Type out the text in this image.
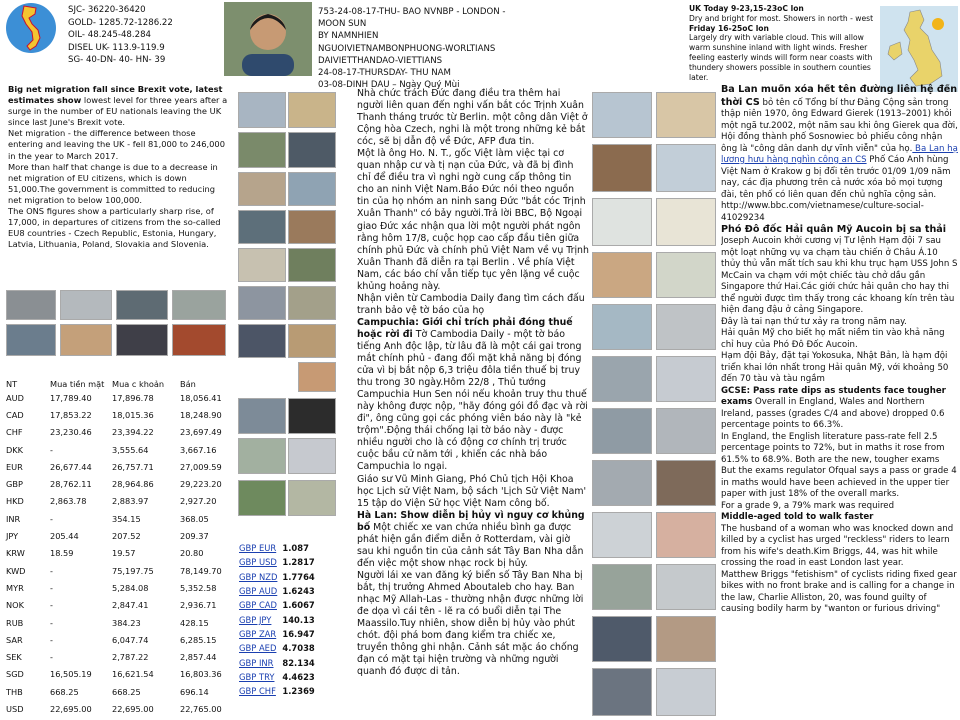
SJC- 36220-36420
GOLD- 1285.72-1286.22
OIL- 48.245-48.284
DISEL UK- 113.9-119.9
SG- 40-DN- 40- HN- 39
753-24-08-17-THU- BAO NVNBP - LONDON - MOON SUN
BY NAMNHIEN
NGUOIVIETNAMBONPHUONG-WORLTIANS
DAIVIETTHANDAO-VIETTIANS
24-08-17-THURSDAY- THU NAM
03-08-DINH DAU – Ngày Quý Mùi
UK Today 9-23,15-23oC lon
Dry and bright for most. Showers in north - west
Friday 16-25oC lon
Largely dry with variable cloud. This will allow warm sunshine inland with light winds. Fresher feeling easterly winds will form near coasts with thundery showers possible in southern counties later.
Big net migration fall since Brexit vote, latest estimates show lowest level for three years after a surge in the number of EU nationals leaving the UK since last June's Brexit vote.
Net migration - the difference between those entering and leaving the UK - fell 81,000 to 246,000 in the year to March 2017.
More than half that change is due to a decrease in net migration of EU citizens, which is down 51,000.The government is committed to reducing net migration to below 100,000.
The ONS figures show a particularly sharp rise, of 17,000, in departures of citizens from the so-called EU8 countries - Czech Republic, Estonia, Hungary, Latvia, Lithuania, Poland, Slovakia and Slovenia.
NT	Mua tiền mặt	Mua c khoản	Bán
AUD	17,789.40	17,896.78	18,056.41
CAD	17,853.22	18,015.36	18,248.90
CHF	23,230.46	23,394.22	23,697.49
DKK	-	3,555.64	3,667.16
EUR	26,677.44	26,757.71	27,009.59
GBP	28,762.11	28,964.86	29,223.20
HKD	2,863.78	2,883.97	2,927.20
INR	-	354.15	368.05
JPY	205.44	207.52	209.37
KRW	18.59	19.57	20.80
KWD	-	75,197.75	78,149.70
MYR	-	5,284.08	5,352.58
NOK	-	2,847.41	2,936.71
RUB	-	384.23	428.15
SAR	-	6,047.74	6,285.15
SEK	-	2,787.22	2,857.44
SGD	16,505.19	16,621.54	16,803.36
THB	668.25	668.25	696.14
USD	22,695.00	22,695.00	22,765.00
GBP EUR	1.087
GBP USD	1.2817
GBP NZD	1.7764
GBP AUD	1.6243
GBP CAD	1.6067
GBP JPY	140.13
GBP ZAR	16.947
GBP AED	4.7038
GBP INR	82.134
GBP TRY	4.4623
GBP CHF	1.2369

Nhà chức trách Đức đang điều tra thêm hai người liên quan đến nghi vấn bắt cóc Trịnh Xuân Thanh tháng trước từ Berlin. một công dân Việt ở Cộng hòa Czech, nghi là một trong những kẻ bắt cóc, sẽ bị dẫn độ về Đức, AFP đưa tin.

Một là ông Ho. N. T., gốc Việt làm việc tại cơ quan nhập cư và tị nạn của Đức, và đã bị đình chỉ để điều tra vì nghi ngờ cung cấp thông tin cho an ninh Việt Nam.Báo Đức nói theo nguồn tin của họ nhóm an ninh sang Đức "bắt cóc Trịnh Xuân Thanh" có bảy người.Trả lời BBC, Bộ Ngoại giao Đức xác nhận qua lời một người phát ngôn rằng hôm 17/8, cuộc họp cao cấp đầu tiên giữa chính phủ Đức và chính phủ Việt Nam về vụ Trịnh Xuân Thanh đã diễn ra tại Berlin . Về phía Việt Nam, các báo chí vẫn tiếp tục yên lặng về cuộc khủng hoảng này.

Nhận viên từ Cambodia Daily đang tìm cách đấu tranh bảo vệ tờ báo của họ

Campuchia: Giới chỉ trích phải đóng thuế hoặc rời đi Tờ Cambodia Daily - một tờ báo tiếng Anh độc lập, từ lâu đã là một cái gai trong mắt chính phủ - đang đối mặt khả năng bị đóng cửa vì bị bắt nộp 6,3 triệu đôla tiền thuế bị truy thu trong 30 ngày.Hôm 22/8 , Thủ tướng Campuchia Hun Sen nói nếu khoản truy thu thuế này không được nộp, "hãy đóng gói đồ đạc và rời đi", ông cũng gọi các phóng viên báo này là "kẻ trộm".Động thái chống lại tờ báo này - được nhiều người cho là có động cơ chính trị trước cuộc bầu cử năm tới , khiến các nhà báo Campuchia lo ngại.

Giáo sư Vũ Minh Giang, Phó Chủ tịch Hội Khoa học Lịch sử Việt Nam, bộ sách 'Lịch Sử Việt Nam' 15 tập do Viện Sử học Việt Nam công bố.

Hà Lan: Show diễn bị hủy vì nguy cơ khủng bố Một chiếc xe van chứa nhiều bình ga được phát hiện gần điểm diễn ở Rotterdam, vài giờ sau khi nguồn tin của cảnh sát Tây Ban Nha dẫn đến việc một show nhạc rock bị hủy.

Người lái xe van đăng ký biển số Tây Ban Nha bị bắt, thị trưởng Ahmed Aboutaleb cho hay. Ban nhạc Mỹ Allah-Las - thường nhận được những lời đe dọa vì cái tên - lẽ ra có buổi diễn tại The Maassilo.Tuy nhiên, show diễn bị hủy vào phút chót. đội phá bom đang kiểm tra chiếc xe, truyền thông ghi nhận. Cảnh sát mặc áo chống đạn có mặt tại hiện trường và những người quanh đó được di tản.

Ba Lan muốn xóa hết tên đường liên hệ đến thời CS bỏ tên cố Tổng bí thư Đảng Cộng sản trong thập niên 1970, ông Edward Gierek (1913–2001) khỏi một ngã tư.2002, một năm sau khi ông Gierek qua đời, Hội đồng thành phố Sosnowiec bỏ phiếu công nhận ông là "công dân danh dự vĩnh viễn" của họ. Ba Lan hạ lương hưu hàng nghìn công an CS Phố Cáo Anh hùng Việt Nam ở Krakow g bị đổi tên trước 01/09 1/09 năm nay, các địa phương trên cả nước xóa bỏ mọi tượng đài, tên phố có liên quan đến chủ nghĩa cộng sản.

http://www.bbc.com/vietnamese/culture-social-41029234

Phó Đô đốc Hải quân Mỹ Aucoin bị sa thải

Joseph Aucoin khởi cương vị Tư lệnh Hạm đội 7 sau một loạt những vụ va chạm tàu chiến ở Châu Á.10 thủy thủ vẫn mất tích sau khi khu trục hạm USS John S McCain va chạm với một chiếc tàu chở dầu gần Singapore thứ Hai.Các giới chức hải quân cho hay thi thể người được tìm thấy trong các khoang kín trên tàu hiện đang đậu ở cảng Singapore.

Đây là tai nạn thứ tư xảy ra trong năm nay.

Hải quân Mỹ cho biết họ mất niềm tin vào khả năng chỉ huy của Phó Đô Đốc Aucoin.

Hạm đội Bảy, đặt tại Yokosuka, Nhật Bản, là hạm đội triển khai lớn nhất trong Hải quân Mỹ, với khoảng 50 đến 70 tàu và tàu ngầm

GCSE: Pass rate dips as students face tougher exams Overall in England, Wales and Northern Ireland, passes (grades C/4 and above) dropped 0.6 percentage points to 66.3%.

In England, the English literature pass-rate fell 2.5 percentage points to 72%, but in maths it rose from 61.5% to 68.9%. Both are the new, tougher exams

But the exams regulator Ofqual says a pass or grade 4 in maths would have been achieved in the upper tier paper with just 18% of the overall marks.

For a grade 9, a 79% mark was required

Middle-aged told to walk faster

The husband of a woman who was knocked down and killed by a cyclist has urged "reckless" riders to learn from his wife's death.Kim Briggs, 44, was hit while crossing the road in east London last year.

Matthew Briggs "fetishism" of cyclists riding fixed gear bikes with no front brake and is calling for a change in the law, Charlie Alliston, 20, was found guilty of causing bodily harm by "wanton or furious driving"
